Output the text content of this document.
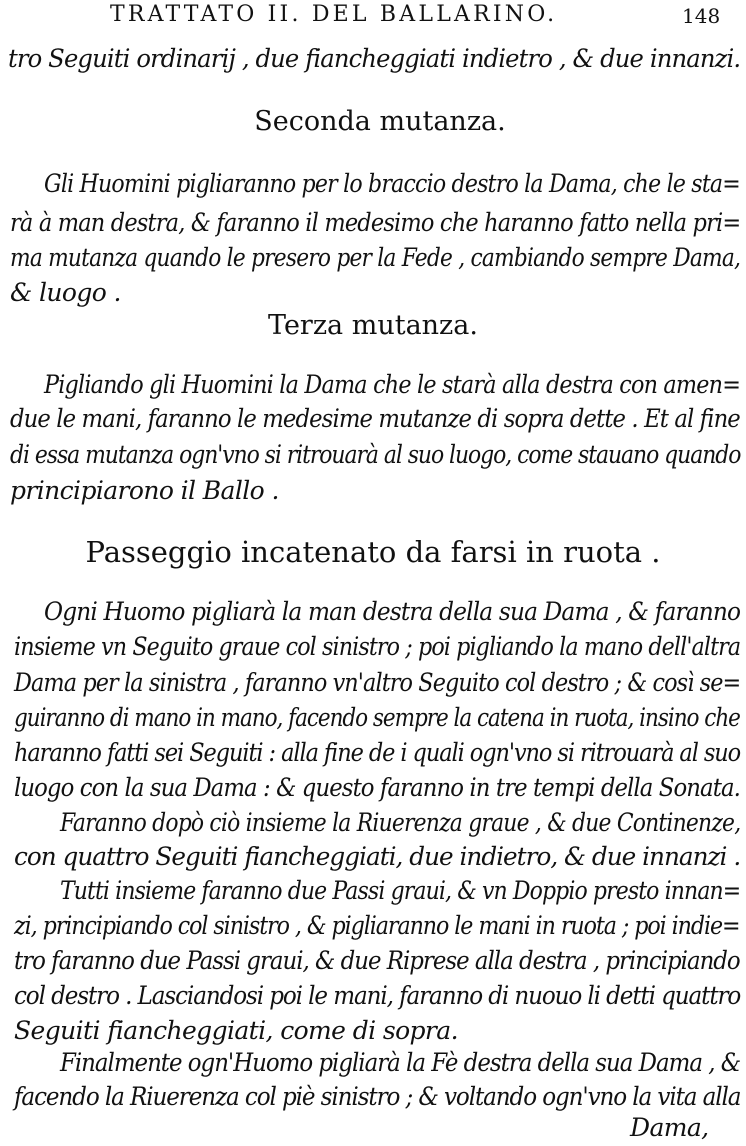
TRATTATO II. DEL BALLARINO.	148
tro Seguiti ordinarij , due fiancheggiati indietro , & due innanzi.
Seconda mutanza.
Gli Huomini pigliaranno per lo braccio destro la Dama, che le sta=
rà à man destra, & faranno il medesimo che haranno fatto nella pri=
ma mutanza quando le presero per la Fede , cambiando sempre Dama,
& luogo .
Terza mutanza.
Pigliando gli Huomini la Dama che le starà alla destra con amen=
due le mani, faranno le medesime mutanze di sopra dette . Et al fine
di essa mutanza ogn'vno si ritrouarà al suo luogo, come stauano quando
principiarono il Ballo .
Passeggio incatenato da farsi in ruota .
Ogni Huomo pigliarà la man destra della sua Dama , & faranno
insieme vn Seguito graue col sinistro ; poi pigliando la mano dell'altra
Dama per la sinistra , faranno vn'altro Seguito col destro ; & così se=
guiranno di mano in mano, facendo sempre la catena in ruota, insino che
haranno fatti sei Seguiti : alla fine de i quali ogn'vno si ritrouarà al suo
luogo con la sua Dama : & questo faranno in tre tempi della Sonata.
Faranno dopò ciò insieme la Riuerenza graue , & due Continenze,
con quattro Seguiti fiancheggiati, due indietro, & due innanzi .
Tutti insieme faranno due Passi graui, & vn Doppio presto innan=
zi, principiando col sinistro , & pigliaranno le mani in ruota ; poi indie=
tro faranno due Passi graui, & due Riprese alla destra , principiando
col destro . Lasciandosi poi le mani, faranno di nuouo li detti quattro
Seguiti fiancheggiati, come di sopra.
Finalmente ogn'Huomo pigliarà la Fè destra della sua Dama , &
facendo la Riuerenza col piè sinistro ; & voltando ogn'vno la vita alla
Dama,
